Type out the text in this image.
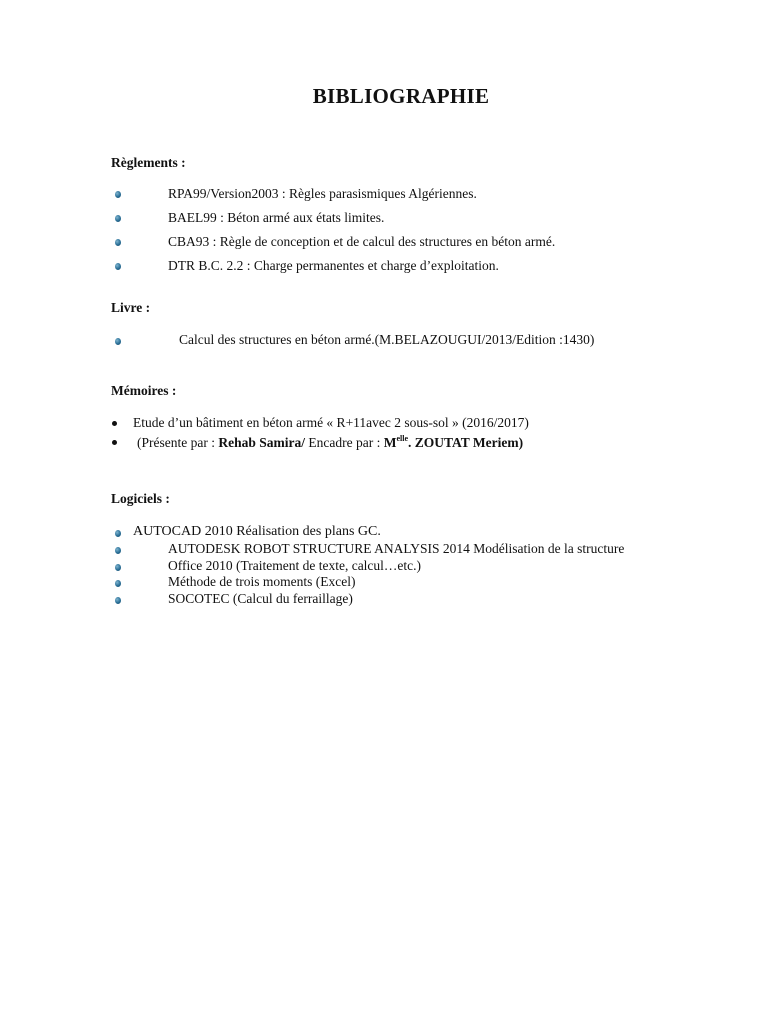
BIBLIOGRAPHIE
Règlements :
RPA99/Version2003 : Règles parasismiques Algériennes.
BAEL99 : Béton armé aux états limites.
CBA93 : Règle de conception et de calcul des structures en béton armé.
DTR B.C. 2.2 : Charge permanentes et charge d’exploitation.
Livre :
Calcul des structures en béton armé.(M.BELAZOUGUI/2013/Edition :1430)
Mémoires :
Etude d’un bâtiment en béton armé « R+11avec 2 sous-sol » (2016/2017)
(Présente par : Rehab Samira/ Encadre par : $M^{elle}$. ZOUTAT Meriem)
Logiciels :
AUTOCAD 2010 Réalisation des plans GC.
AUTODESK ROBOT STRUCTURE ANALYSIS 2014 Modélisation de la structure
Office 2010 (Traitement de texte, calcul…etc.)
Méthode de trois moments (Excel)
SOCOTEC (Calcul du ferraillage)
